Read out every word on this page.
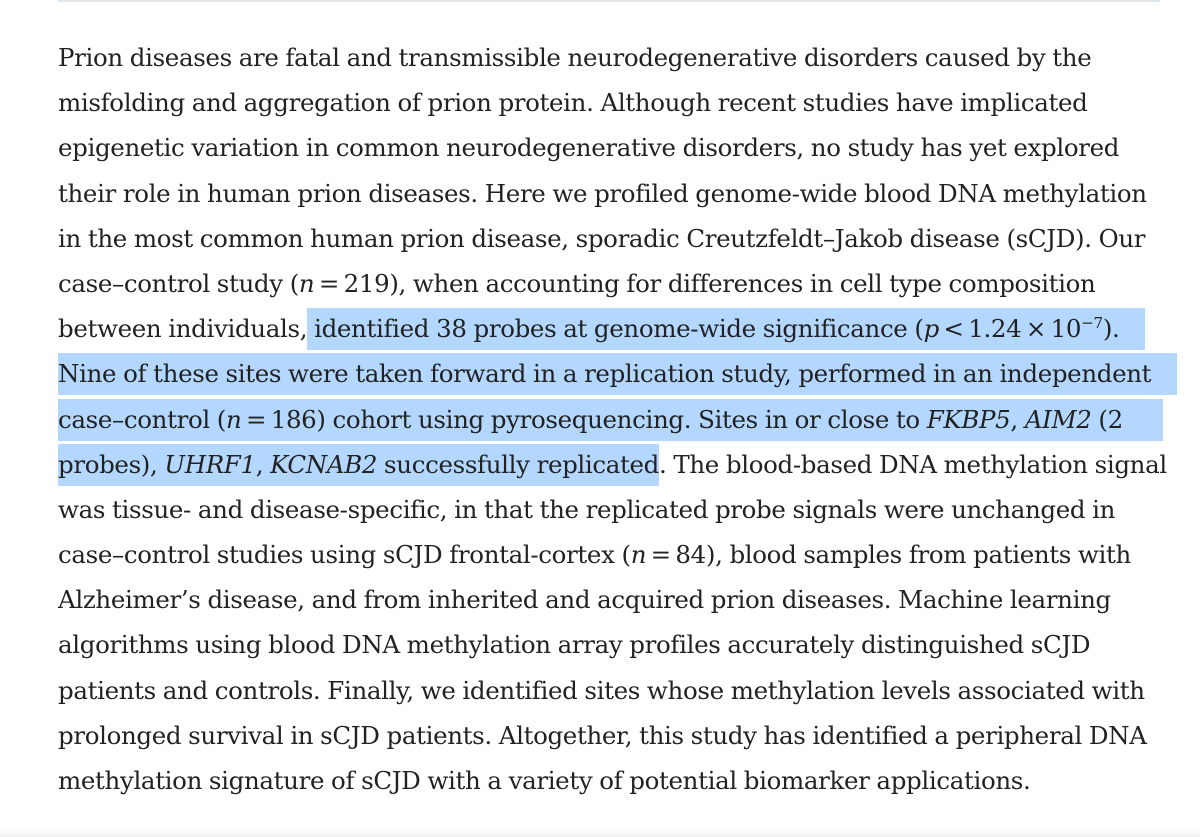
Prion diseases are fatal and transmissible neurodegenerative disorders caused by the
misfolding and aggregation of prion protein. Although recent studies have implicated
epigenetic variation in common neurodegenerative disorders, no study has yet explored
their role in human prion diseases. Here we profiled genome-wide blood DNA methylation
in the most common human prion disease, sporadic Creutzfeldt–Jakob disease (sCJD). Our
case–control study (n = 219), when accounting for differences in cell type composition
between individuals, identified 38 probes at genome-wide significance $(p < 1.24 \times 10^{-7})$.
Nine of these sites were taken forward in a replication study, performed in an independent
case–control (n = 186) cohort using pyrosequencing. Sites in or close to FKBP5, AIM2 (2
probes), UHRF1, KCNAB2 successfully replicated. The blood-based DNA methylation signal
was tissue- and disease-specific, in that the replicated probe signals were unchanged in
case–control studies using sCJD frontal-cortex (n = 84), blood samples from patients with
Alzheimer’s disease, and from inherited and acquired prion diseases. Machine learning
algorithms using blood DNA methylation array profiles accurately distinguished sCJD
patients and controls. Finally, we identified sites whose methylation levels associated with
prolonged survival in sCJD patients. Altogether, this study has identified a peripheral DNA
methylation signature of sCJD with a variety of potential biomarker applications.
